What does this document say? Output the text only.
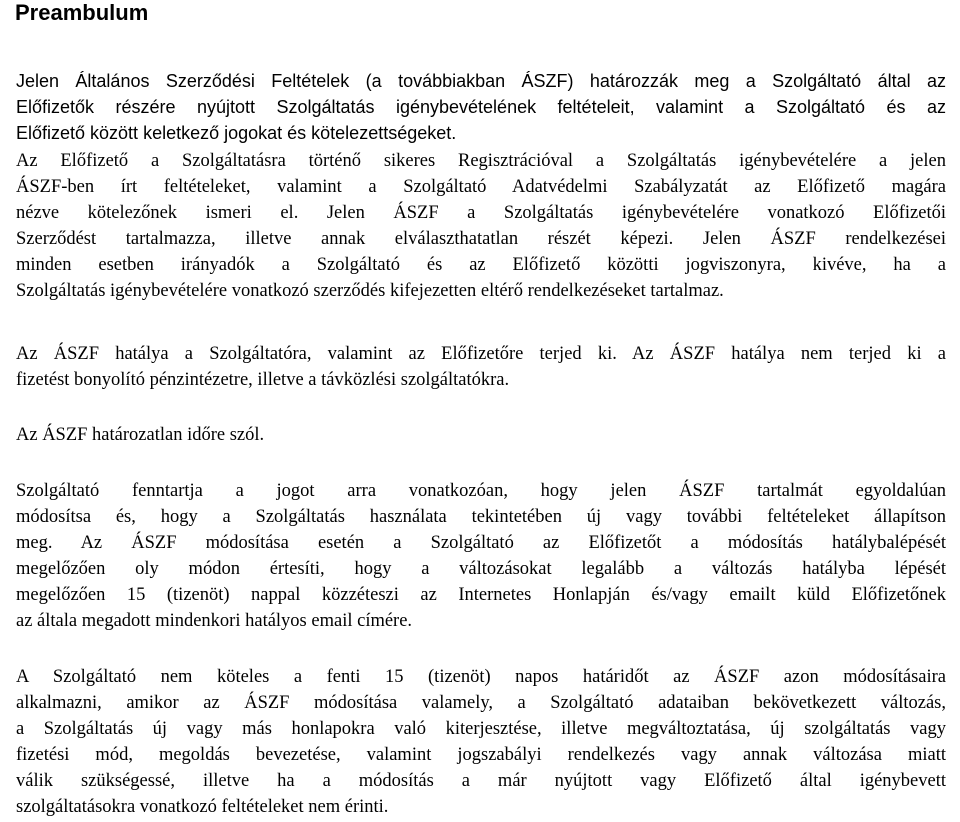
Preambulum
Jelen Általános Szerződési Feltételek (a továbbiakban ÁSZF) határozzák meg a Szolgáltató által az
Előfizetők részére nyújtott Szolgáltatás igénybevételének feltételeit, valamint a Szolgáltató és az
Előfizető között keletkező jogokat és kötelezettségeket.
Az Előfizető a Szolgáltatásra történő sikeres Regisztrációval a Szolgáltatás igénybevételére a jelen
ÁSZF-ben írt feltételeket, valamint a Szolgáltató Adatvédelmi Szabályzatát az Előfizető magára
nézve kötelezőnek ismeri el. Jelen ÁSZF a Szolgáltatás igénybevételére vonatkozó Előfizetői
Szerződést tartalmazza, illetve annak elválaszthatatlan részét képezi. Jelen ÁSZF rendelkezései
minden esetben irányadók a Szolgáltató és az Előfizető közötti jogviszonyra, kivéve, ha a
Szolgáltatás igénybevételére vonatkozó szerződés kifejezetten eltérő rendelkezéseket tartalmaz.
Az ÁSZF hatálya a Szolgáltatóra, valamint az Előfizetőre terjed ki. Az ÁSZF hatálya nem terjed ki a
fizetést bonyolító pénzintézetre, illetve a távközlési szolgáltatókra.
Az ÁSZF határozatlan időre szól.
Szolgáltató fenntartja a jogot arra vonatkozóan, hogy jelen ÁSZF tartalmát egyoldalúan
módosítsa és, hogy a Szolgáltatás használata tekintetében új vagy további feltételeket állapítson
meg. Az ÁSZF módosítása esetén a Szolgáltató az Előfizetőt a módosítás hatálybalépését
megelőzően oly módon értesíti, hogy a változásokat legalább a változás hatályba lépését
megelőzően 15 (tizenöt) nappal közzéteszi az Internetes Honlapján és/vagy emailt küld Előfizetőnek
az általa megadott mindenkori hatályos email címére.
A Szolgáltató nem köteles a fenti 15 (tizenöt) napos határidőt az ÁSZF azon módosításaira
alkalmazni, amikor az ÁSZF módosítása valamely, a Szolgáltató adataiban bekövetkezett változás,
a Szolgáltatás új vagy más honlapokra való kiterjesztése, illetve megváltoztatása, új szolgáltatás vagy
fizetési mód, megoldás bevezetése, valamint jogszabályi rendelkezés vagy annak változása miatt
válik szükségessé, illetve ha a módosítás a már nyújtott vagy Előfizető által igénybevett
szolgáltatásokra vonatkozó feltételeket nem érinti.
